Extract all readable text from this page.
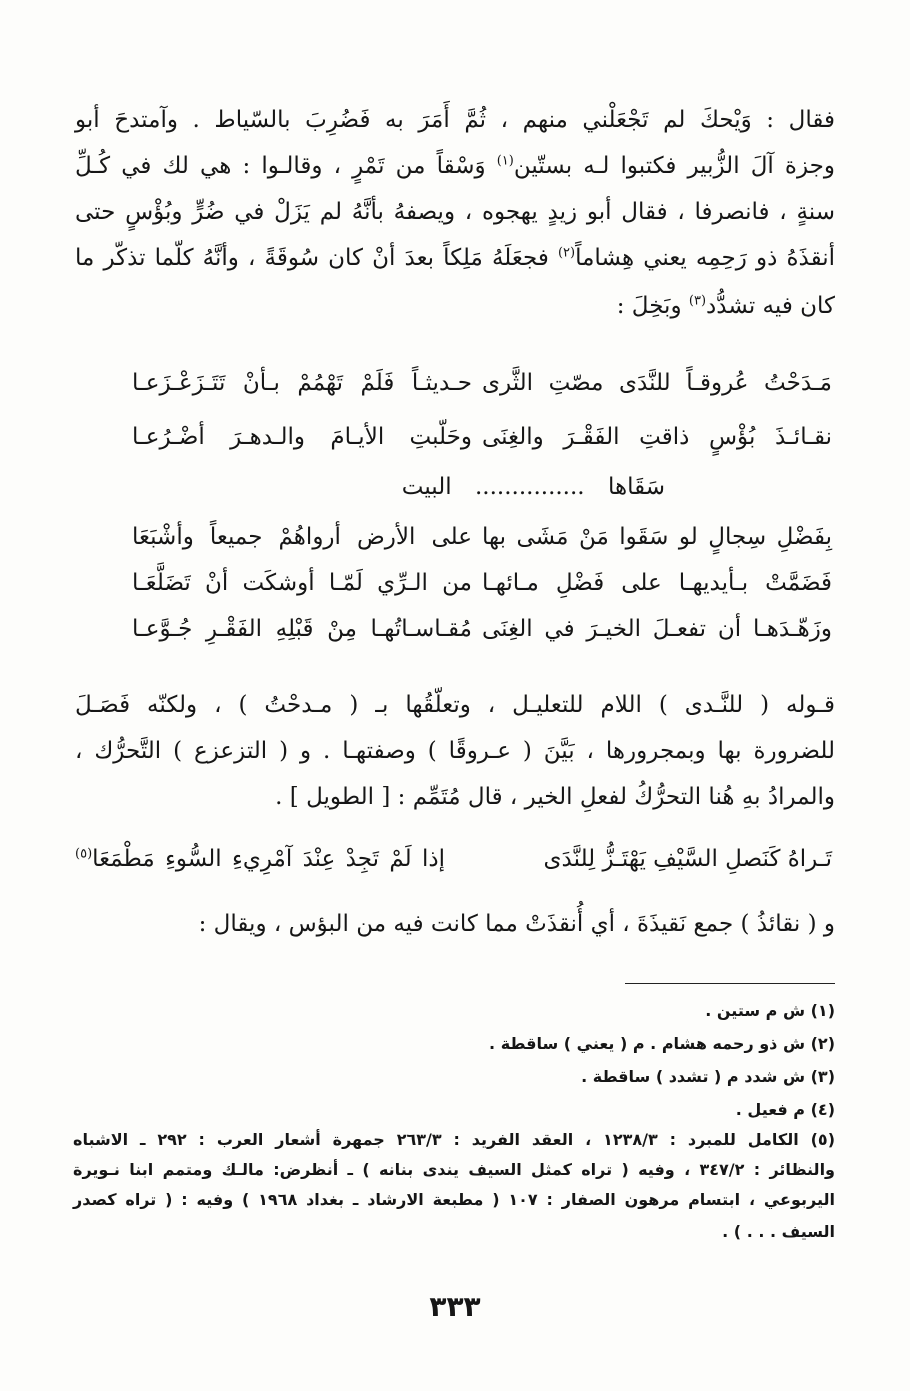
فقال : وَيْحكَ لم تَجْعَلْني منهم ، ثُمَّ أَمَرَ به فَضُرِبَ بالسّياط . وآمتدحَ أبو
وجزة آلَ الزُّبير فكتبوا لـه بستّين$^{(١)}$ وَسْقاً من تَمْرٍ ، وقالـوا : هي لك في كُـلِّ
سنةٍ ، فانصرفا ، فقال أبو زيدٍ يهجوه ، ويصفهُ بأنَّهُ لم يَزَلْ في ضُرٍّ وبُؤْسٍ حتى
أنقذَهُ ذو رَحِمِه يعني هِشاماً$^{(٢)}$ فجعَلَهُ مَلِكاً بعدَ أنْ كان سُوقَةً ، وأنَّهُ كلّما تذكّر ما
كان فيه تشدُّد$^{(٣)}$ وبَخِلَ :
مَـدَحْتُ عُروقـاً للنَّدَى مصّتِ الثَّرى
حـديثـاً فَلَمْ تَهْمُمْ بـأنْ تَتَـزَعْـزَعـا
نقـائـذَ بُؤْسٍ ذاقتِ الفَقْـرَ والغِنَى
وحَلّبتِ الأيـامَ والـدهـرَ أضْـرُعـا
سَقَاها ............... البيت
بِفَضْلِ سِجالٍ لو سَقَوا مَنْ مَشَى بها
على الأرض أرواهُمْ جميعاً وأشْبَعَا
فَضَمَّتْ بـأيديهـا على فَضْلِ مـائهـا
من الـرِّي لَمّـا أوشكَت أنْ تَضَلَّعَـا
وزَهّـدَهـا أن تفعـلَ الخيـرَ في الغِنَى
مُقـاسـاتُهـا مِنْ قَبْلِهِ الفَقْـرِ جُـوَّعـا
قـوله ( للنَّـدى ) اللام للتعليـل ، وتعلّقُها بـ ( مـدحْتُ ) ، ولكنّه فَصَـلَ
للضرورة بها وبمجرورها ، بَيَّنَ ( عـروقًا ) وصفتهـا . و ( التزعزع ) التَّحرُّك ،
والمرادُ بهِ هُنا التحرُّكُ لفعلِ الخير ، قال مُتَمِّم : [ الطويل ] .
تَـراهُ كَنَصلِ السَّيْفِ يَهْتَـزُّ لِلنَّدَى
إذا لَمْ تَجِدْ عِنْدَ آمْرِيءِ السُّوءِ مَطْمَعَا$^{(٥)}$
و ( نقائذُ ) جمع نَقيذَةَ ، أي أُنقذَتْ مما كانت فيه من البؤس ، ويقال :
(١) ش م ستين .
(٢) ش ذو رحمه هشام . م ( يعني ) ساقطة .
(٣) ش شدد م ( تشدد ) ساقطة .
(٤) م فعيل .
(٥) الكامل للمبرد : ١٢٣٨/٣ ، العقد الفريد : ٢٦٣/٣ جمهرة أشعار العرب : ٢٩٢ ـ الاشباه
والنظائر : ٣٤٧/٢ ، وفيه ( تراه كمثل السيف يندى بنانه ) ـ أنظرض: مالـك ومتمم ابنا نـويرة
اليربوعي ، ابتسام مرهون الصفار : ١٠٧ ( مطبعة الارشاد ـ بغداد ١٩٦٨ ) وفيه : ( تراه كصدر
السيف . . . ) .
٣٣٣
